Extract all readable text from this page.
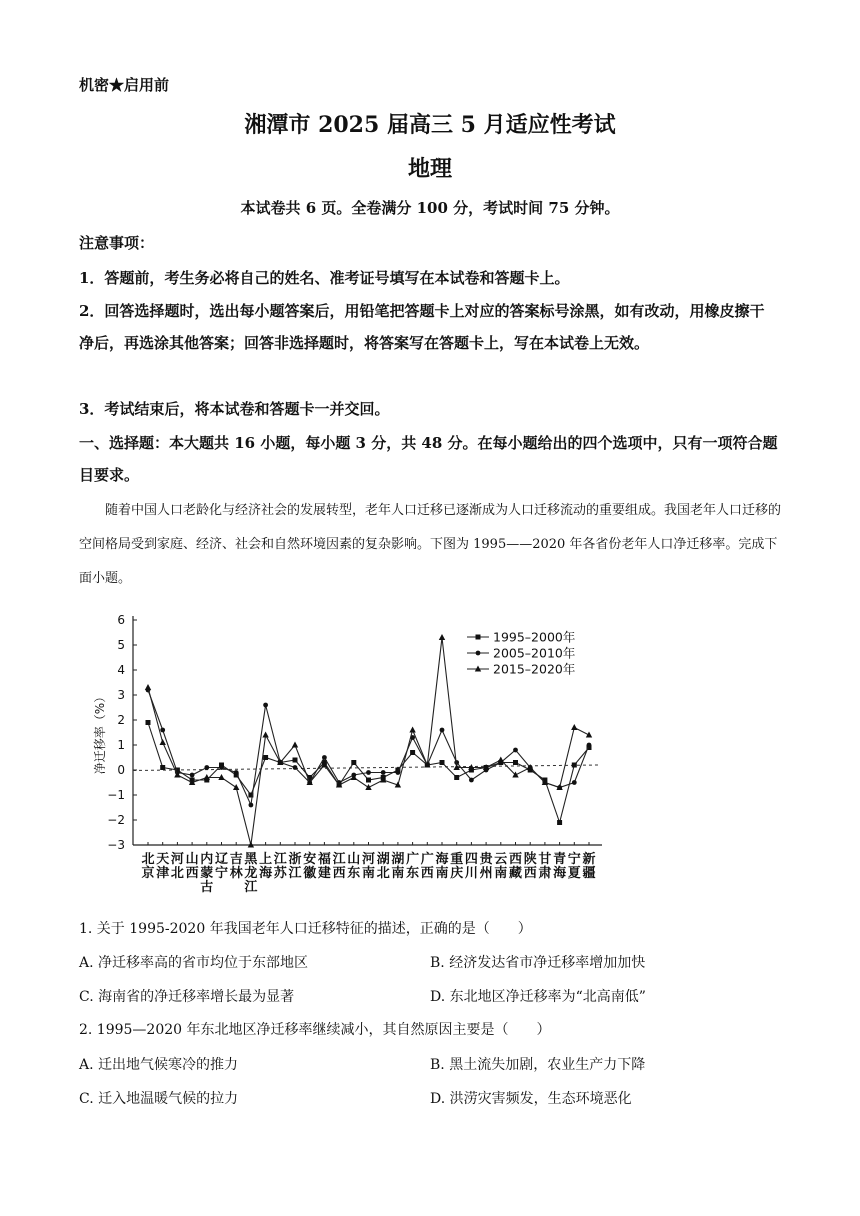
机密★启用前
湘潭市 2025 届高三 5 月适应性考试
地理
本试卷共 6 页。全卷满分 100 分，考试时间 75 分钟。
注意事项：
1．答题前，考生务必将自己的姓名、准考证号填写在本试卷和答题卡上。
2．回答选择题时，选出每小题答案后，用铅笔把答题卡上对应的答案标号涂黑，如有改动，用橡皮擦干净后，再选涂其他答案；回答非选择题时，将答案写在答题卡上，写在本试卷上无效。
3．考试结束后，将本试卷和答题卡一并交回。
一、选择题：本大题共 16 小题，每小题 3 分，共 48 分。在每小题给出的四个选项中，只有一项符合题目要求。
随着中国人口老龄化与经济社会的发展转型，老年人口迁移已逐渐成为人口迁移流动的重要组成。我国老年人口迁移的空间格局受到家庭、经济、社会和自然环境因素的复杂影响。下图为 1995——2020 年各省份老年人口净迁移率。完成下面小题。
6
5
4
3
2
1
0
−1
−2
−3
净迁移率（%）
北京
天津
河北
山西
内蒙古
辽宁
吉林
黑龙江
上海
江苏
浙江
安徽
福建
江西
山东
河南
湖北
湖南
广东
广西
海南
重庆
四川
贵州
云南
西藏
陕西
甘肃
青海
宁夏
新疆
1995–2000年
2005–2010年
2015–2020年
1. 关于 1995-2020 年我国老年人口迁移特征的描述，正确的是（　　）
A. 净迁移率高的省市均位于东部地区	B. 经济发达省市净迁移率增加加快
C. 海南省的净迁移率增长最为显著	D. 东北地区净迁移率为“北高南低”
2. 1995—2020 年东北地区净迁移率继续减小，其自然原因主要是（　　）
A. 迁出地气候寒冷的推力	B. 黑土流失加剧，农业生产力下降
C. 迁入地温暖气候的拉力	D. 洪涝灾害频发，生态环境恶化
